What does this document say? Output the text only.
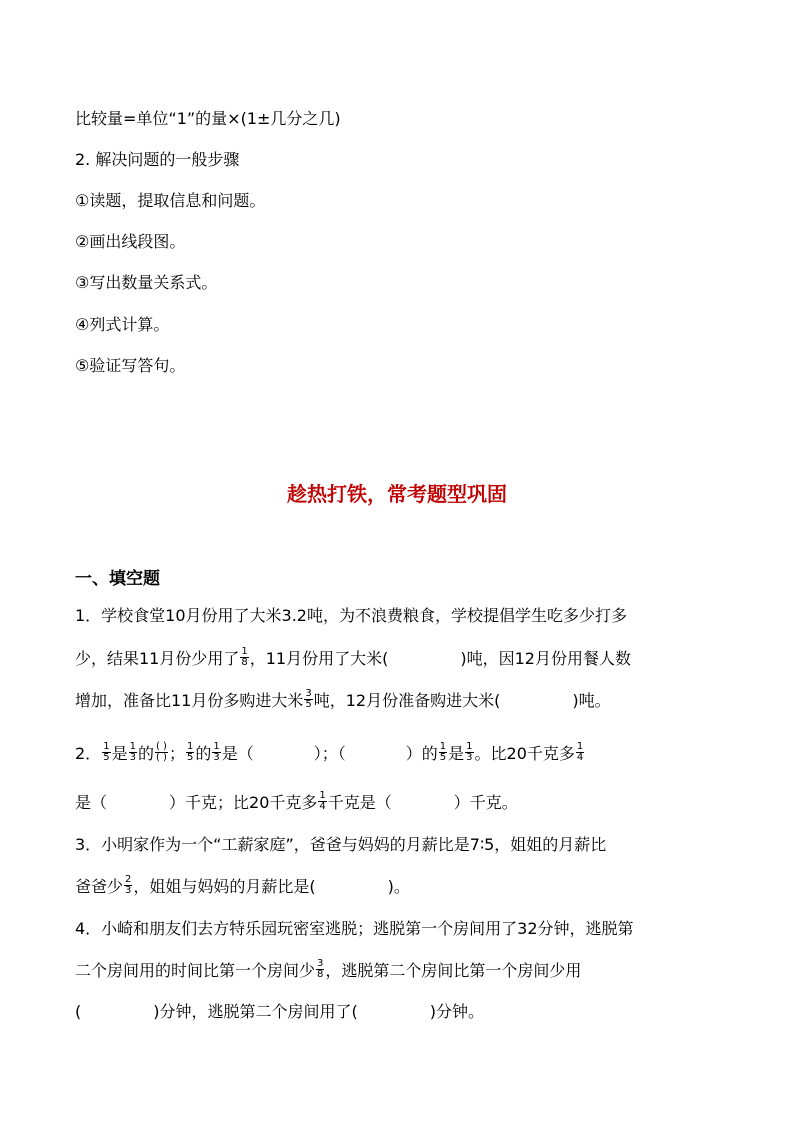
比较量=单位“1”的量×(1±几分之几)
2. 解决问题的一般步骤
①读题，提取信息和问题。
②画出线段图。
③写出数量关系式。
④列式计算。
⑤验证写答句。
趁热打铁，常考题型巩固
一、填空题
1．学校食堂10月份用了大米3.2吨，为不浪费粮食，学校提倡学生吃多少打多
少，结果11月份少用了 $\frac{1}{8}$ ，11月份用了大米(	)吨，因12月份用餐人数
增加，准备比11月份多购进大米 $\frac{3}{5}$ 吨，12月份准备购进大米(	)吨。
2． $\frac{1}{5}$ 是 $\frac{1}{3}$ 的 $\frac{( )}{( )}$ ； $\frac{1}{5}$ 的 $\frac{1}{3}$ 是（	）；（	）的 $\frac{1}{5}$ 是 $\frac{1}{3}$ 。比20千克多 $\frac{1}{4}$
是（	）千克；比20千克多 $\frac{1}{4}$ 千克是（	）千克。
3．小明家作为一个“工薪家庭”，爸爸与妈妈的月薪比是7∶5，姐姐的月薪比
爸爸少 $\frac{2}{3}$ ，姐姐与妈妈的月薪比是(	)。
4．小崎和朋友们去方特乐园玩密室逃脱；逃脱第一个房间用了32分钟，逃脱第
二个房间用的时间比第一个房间少 $\frac{3}{8}$ ，逃脱第二个房间比第一个房间少用
(	)分钟，逃脱第二个房间用了(	)分钟。
